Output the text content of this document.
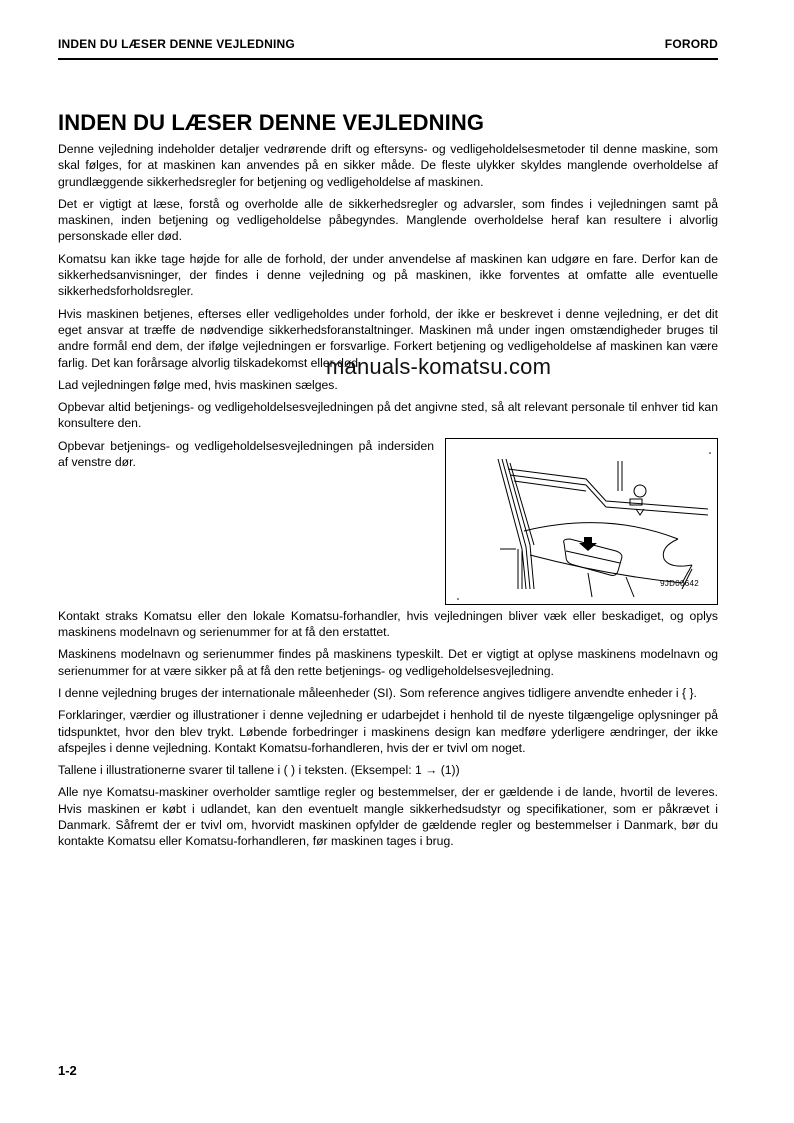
INDEN DU LÆSER DENNE VEJLEDNING	FORORD
INDEN DU LÆSER DENNE VEJLEDNING

Denne vejledning indeholder detaljer vedrørende drift og eftersyns- og vedligeholdelsesmetoder til denne maskine, som skal følges, for at maskinen kan anvendes på en sikker måde. De fleste ulykker skyldes manglende overholdelse af grundlæggende sikkerhedsregler for betjening og vedligeholdelse af maskinen.

Det er vigtigt at læse, forstå og overholde alle de sikkerhedsregler og advarsler, som findes i vejledningen samt på maskinen, inden betjening og vedligeholdelse påbegyndes. Manglende overholdelse heraf kan resultere i alvorlig personskade eller død.

Komatsu kan ikke tage højde for alle de forhold, der under anvendelse af maskinen kan udgøre en fare. Derfor kan de sikkerhedsanvisninger, der findes i denne vejledning og på maskinen, ikke forventes at omfatte alle eventuelle sikkerhedsforholdsregler.

Hvis maskinen betjenes, efterses eller vedligeholdes under forhold, der ikke er beskrevet i denne vejledning, er det dit eget ansvar at træffe de nødvendige sikkerhedsforanstaltninger. Maskinen må under ingen omstændigheder bruges til andre formål end dem, der ifølge vejledningen er forsvarlige. Forkert betjening og vedligeholdelse af maskinen kan være farlig. Det kan forårsage alvorlig tilskadekomst eller død.

Lad vejledningen følge med, hvis maskinen sælges.

Opbevar altid betjenings- og vedligeholdelsesvejledningen på det angivne sted, så alt relevant personale til enhver tid kan konsultere den.

Opbevar betjenings- og vedligeholdelsesvejledningen på indersiden af venstre dør.
9JD00642

Kontakt straks Komatsu eller den lokale Komatsu-forhandler, hvis vejledningen bliver væk eller beskadiget, og oplys maskinens modelnavn og serienummer for at få den erstattet.

Maskinens modelnavn og serienummer findes på maskinens typeskilt. Det er vigtigt at oplyse maskinens modelnavn og serienummer for at være sikker på at få den rette betjenings- og vedligeholdelsesvejledning.

I denne vejledning bruges der internationale måleenheder (SI). Som reference angives tidligere anvendte enheder i { }.

Forklaringer, værdier og illustrationer i denne vejledning er udarbejdet i henhold til de nyeste tilgængelige oplysninger på tidspunktet, hvor den blev trykt. Løbende forbedringer i maskinens design kan medføre yderligere ændringer, der ikke afspejles i denne vejledning. Kontakt Komatsu-forhandleren, hvis der er tvivl om noget.

Tallene i illustrationerne svarer til tallene i ( ) i teksten. (Eksempel: 1 → (1))

Alle nye Komatsu-maskiner overholder samtlige regler og bestemmelser, der er gældende i de lande, hvortil de leveres. Hvis maskinen er købt i udlandet, kan den eventuelt mangle sikkerhedsudstyr og specifikationer, som er påkrævet i Danmark. Såfremt der er tvivl om, hvorvidt maskinen opfylder de gældende regler og bestemmelser i Danmark, bør du kontakte Komatsu eller Komatsu-forhandleren, før maskinen tages i brug.

manuals-komatsu.com
1-2
